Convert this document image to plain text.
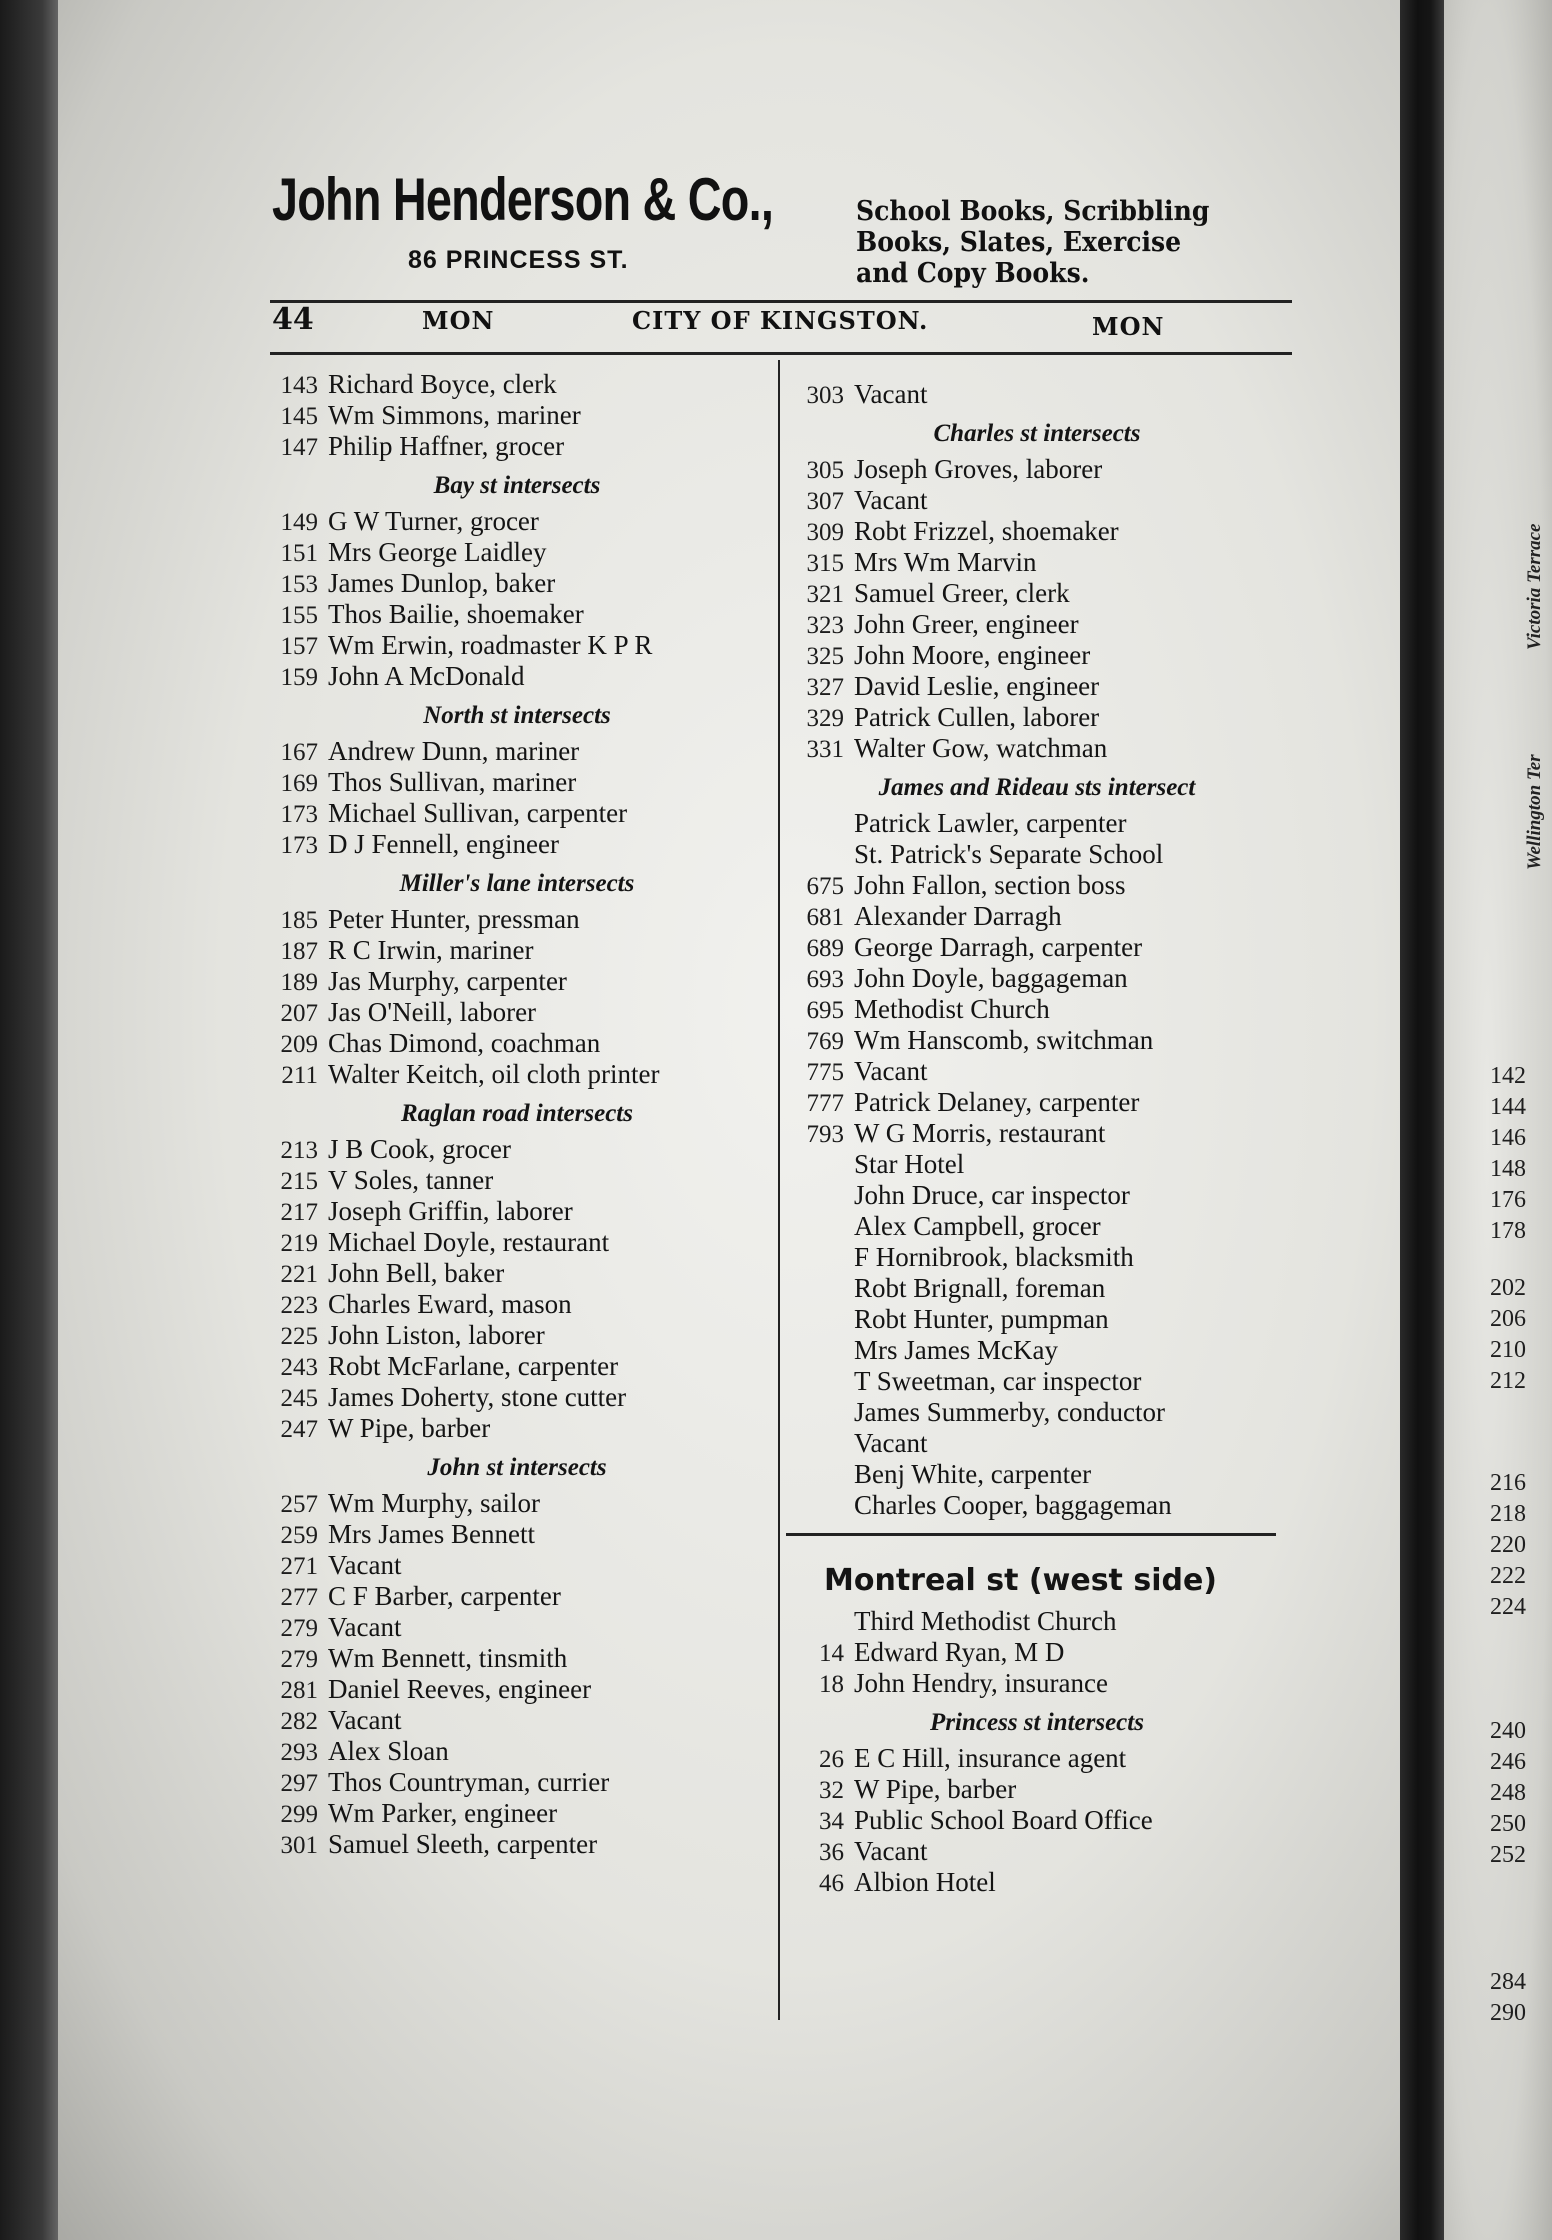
John Henderson & Co.,
86 PRINCESS ST.
School Books, Scribbling
Books, Slates, Exercise
and Copy Books.
44	MON	CITY OF KINGSTON.	MON
143 Richard Boyce, clerk
145 Wm Simmons, mariner
147 Philip Haffner, grocer
Bay st intersects
149 G W Turner, grocer
151 Mrs George Laidley
153 James Dunlop, baker
155 Thos Bailie, shoemaker
157 Wm Erwin, roadmaster K P R
159 John A McDonald
North st intersects
167 Andrew Dunn, mariner
169 Thos Sullivan, mariner
173 Michael Sullivan, carpenter
173 D J Fennell, engineer
Miller's lane intersects
185 Peter Hunter, pressman
187 R C Irwin, mariner
189 Jas Murphy, carpenter
207 Jas O'Neill, laborer
209 Chas Dimond, coachman
211 Walter Keitch, oil cloth printer
Raglan road intersects
213 J B Cook, grocer
215 V Soles, tanner
217 Joseph Griffin, laborer
219 Michael Doyle, restaurant
221 John Bell, baker
223 Charles Eward, mason
225 John Liston, laborer
243 Robt McFarlane, carpenter
245 James Doherty, stone cutter
247 W Pipe, barber
John st intersects
257 Wm Murphy, sailor
259 Mrs James Bennett
271 Vacant
277 C F Barber, carpenter
279 Vacant
279 Wm Bennett, tinsmith
281 Daniel Reeves, engineer
282 Vacant
293 Alex Sloan
297 Thos Countryman, currier
299 Wm Parker, engineer
301 Samuel Sleeth, carpenter
303 Vacant
Charles st intersects
305 Joseph Groves, laborer
307 Vacant
309 Robt Frizzel, shoemaker
315 Mrs Wm Marvin
321 Samuel Greer, clerk
323 John Greer, engineer
325 John Moore, engineer
327 David Leslie, engineer
329 Patrick Cullen, laborer
331 Walter Gow, watchman
James and Rideau sts intersect
Patrick Lawler, carpenter
St. Patrick's Separate School
675 John Fallon, section boss
681 Alexander Darragh
689 George Darragh, carpenter
693 John Doyle, baggageman
695 Methodist Church
769 Wm Hanscomb, switchman
775 Vacant
777 Patrick Delaney, carpenter
793 W G Morris, restaurant
Star Hotel
John Druce, car inspector
Alex Campbell, grocer
F Hornibrook, blacksmith
Robt Brignall, foreman
Robt Hunter, pumpman
Mrs James McKay
T Sweetman, car inspector
James Summerby, conductor
Vacant
Benj White, carpenter
Charles Cooper, baggageman
Montreal st (west side)
Third Methodist Church
14 Edward Ryan, M D
18 John Hendry, insurance
Princess st intersects
26 E C Hill, insurance agent
32 W Pipe, barber
34 Public School Board Office
36 Vacant
46 Albion Hotel
Victoria Terrace
Wellington Ter
142
144
146
148
176
178
202
206
210
212
216
218
220
222
224
240
246
248
250
252
284
290
